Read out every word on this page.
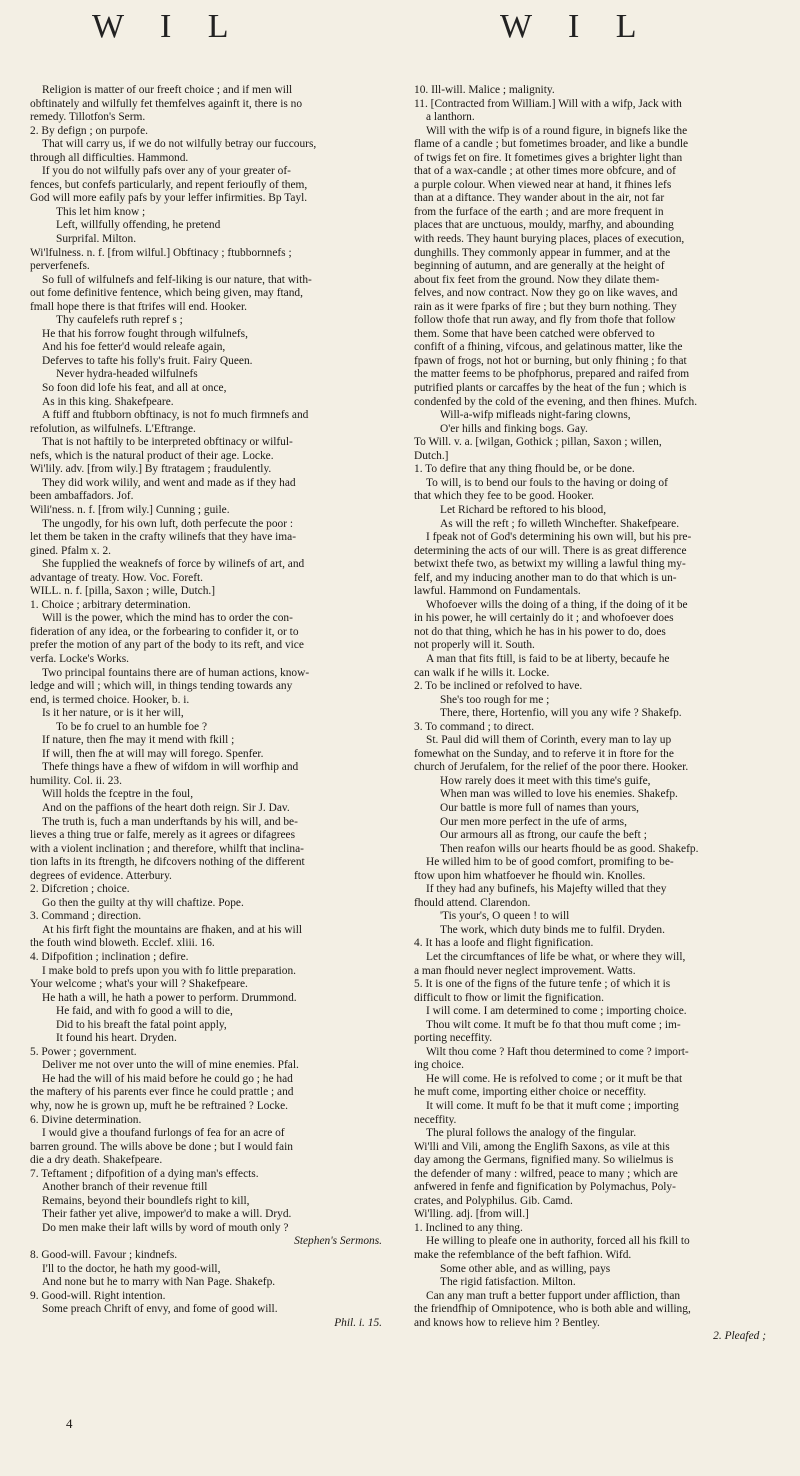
W I L	W I L
Religion is matter of our freeft choice ; and if men will
obftinately and wilfully fet themfelves againft it, there is no
remedy. Tillotfon's Serm.
2. By defign ; on purpofe.
That will carry us, if we do not wilfully betray our fuccours,
through all difficulties. Hammond.
If you do not wilfully pafs over any of your greater of-
fences, but confefs particularly, and repent ferioufly of them,
God will more eafily pafs by your leffer infirmities. Bp Tayl.
This let him know ;
Left, willfully offending, he pretend
Surprifal. Milton.
Wi'lfulness. n. f. [from wilful.] Obftinacy ; ftubbornnefs ;
perverfenefs.
So full of wilfulnefs and felf-liking is our nature, that with-
out fome definitive fentence, which being given, may ftand,
fmall hope there is that ftrifes will end. Hooker.
Thy caufelefs ruth repref s ;
He that his forrow fought through wilfulnefs,
And his foe fetter'd would releafe again,
Deferves to tafte his folly's fruit. Fairy Queen.
Never hydra-headed wilfulnefs
So foon did lofe his feat, and all at once,
As in this king. Shakefpeare.
A ftiff and ftubborn obftinacy, is not fo much firmnefs and
refolution, as wilfulnefs. L'Eftrange.
That is not haftily to be interpreted obftinacy or wilful-
nefs, which is the natural product of their age. Locke.
Wi'lily. adv. [from wily.] By ftratagem ; fraudulently.
They did work wilily, and went and made as if they had
been ambaffadors. Jof.
Wili'ness. n. f. [from wily.] Cunning ; guile.
The ungodly, for his own luft, doth perfecute the poor :
let them be taken in the crafty wilinefs that they have ima-
gined. Pfalm x. 2.
She fupplied the weaknefs of force by wilinefs of art, and
advantage of treaty. How. Voc. Foreft.
WILL. n. f. [pilla, Saxon ; wille, Dutch.]
1. Choice ; arbitrary determination.
Will is the power, which the mind has to order the con-
fideration of any idea, or the forbearing to confider it, or to
prefer the motion of any part of the body to its reft, and vice
verfa. Locke's Works.
Two principal fountains there are of human actions, know-
ledge and will ; which will, in things tending towards any
end, is termed choice. Hooker, b. i.
Is it her nature, or is it her will,
To be fo cruel to an humble foe ?
If nature, then fhe may it mend with fkill ;
If will, then fhe at will may will forego. Spenfer.
Thefe things have a fhew of wifdom in will worfhip and
humility. Col. ii. 23.
Will holds the fceptre in the foul,
And on the paffions of the heart doth reign. Sir J. Dav.
The truth is, fuch a man underftands by his will, and be-
lieves a thing true or falfe, merely as it agrees or difagrees
with a violent inclination ; and therefore, whilft that inclina-
tion lafts in its ftrength, he difcovers nothing of the different
degrees of evidence. Atterbury.
2. Difcretion ; choice.
Go then the guilty at thy will chaftize. Pope.
3. Command ; direction.
At his firft fight the mountains are fhaken, and at his will
the fouth wind bloweth. Ecclef. xliii. 16.
4. Difpofition ; inclination ; defire.
I make bold to prefs upon you with fo little preparation.
Your welcome ; what's your will ? Shakefpeare.
He hath a will, he hath a power to perform. Drummond.
He faid, and with fo good a will to die,
Did to his breaft the fatal point apply,
It found his heart. Dryden.
5. Power ; government.
Deliver me not over unto the will of mine enemies. Pfal.
He had the will of his maid before he could go ; he had
the maftery of his parents ever fince he could prattle ; and
why, now he is grown up, muft he be reftrained ? Locke.
6. Divine determination.
I would give a thoufand furlongs of fea for an acre of
barren ground. The wills above be done ; but I would fain
die a dry death. Shakefpeare.
7. Teftament ; difpofition of a dying man's effects.
Another branch of their revenue ftill
Remains, beyond their boundlefs right to kill,
Their father yet alive, impower'd to make a will. Dryd.
Do men make their laft wills by word of mouth only ?
Stephen's Sermons.
8. Good-will. Favour ; kindnefs.
I'll to the doctor, he hath my good-will,
And none but he to marry with Nan Page. Shakefp.
9. Good-will. Right intention.
Some preach Chrift of envy, and fome of good will.
Phil. i. 15.
10. Ill-will. Malice ; malignity.
11. [Contracted from William.] Will with a wifp, Jack with
a lanthorn.
Will with the wifp is of a round figure, in bignefs like the
flame of a candle ; but fometimes broader, and like a bundle
of twigs fet on fire. It fometimes gives a brighter light than
that of a wax-candle ; at other times more obfcure, and of
a purple colour. When viewed near at hand, it fhines lefs
than at a diftance. They wander about in the air, not far
from the furface of the earth ; and are more frequent in
places that are unctuous, mouldy, marfhy, and abounding
with reeds. They haunt burying places, places of execution,
dunghills. They commonly appear in fummer, and at the
beginning of autumn, and are generally at the height of
about fix feet from the ground. Now they dilate them-
felves, and now contract. Now they go on like waves, and
rain as it were fparks of fire ; but they burn nothing. They
follow thofe that run away, and fly from thofe that follow
them. Some that have been catched were obferved to
confift of a fhining, vifcous, and gelatinous matter, like the
fpawn of frogs, not hot or burning, but only fhining ; fo that
the matter feems to be phofphorus, prepared and raifed from
putrified plants or carcaffes by the heat of the fun ; which is
condenfed by the cold of the evening, and then fhines. Mufch.
Will-a-wifp mifleads night-faring clowns,
O'er hills and finking bogs. Gay.
To Will. v. a. [wilgan, Gothick ; pillan, Saxon ; willen,
Dutch.]
1. To defire that any thing fhould be, or be done.
To will, is to bend our fouls to the having or doing of
that which they fee to be good. Hooker.
Let Richard be reftored to his blood,
As will the reft ; fo willeth Winchefter. Shakefpeare.
I fpeak not of God's determining his own will, but his pre-
determining the acts of our will. There is as great difference
betwixt thefe two, as betwixt my willing a lawful thing my-
felf, and my inducing another man to do that which is un-
lawful. Hammond on Fundamentals.
Whofoever wills the doing of a thing, if the doing of it be
in his power, he will certainly do it ; and whofoever does
not do that thing, which he has in his power to do, does
not properly will it. South.
A man that fits ftill, is faid to be at liberty, becaufe he
can walk if he wills it. Locke.
2. To be inclined or refolved to have.
She's too rough for me ;
There, there, Hortenfio, will you any wife ? Shakefp.
3. To command ; to direct.
St. Paul did will them of Corinth, every man to lay up
fomewhat on the Sunday, and to referve it in ftore for the
church of Jerufalem, for the relief of the poor there. Hooker.
How rarely does it meet with this time's guife,
When man was willed to love his enemies. Shakefp.
Our battle is more full of names than yours,
Our men more perfect in the ufe of arms,
Our armours all as ftrong, our caufe the beft ;
Then reafon wills our hearts fhould be as good. Shakefp.
He willed him to be of good comfort, promifing to be-
ftow upon him whatfoever he fhould win. Knolles.
If they had any bufinefs, his Majefty willed that they
fhould attend. Clarendon.
'Tis your's, O queen ! to will
The work, which duty binds me to fulfil. Dryden.
4. It has a loofe and flight fignification.
Let the circumftances of life be what, or where they will,
a man fhould never neglect improvement. Watts.
5. It is one of the figns of the future tenfe ; of which it is
difficult to fhow or limit the fignification.
I will come. I am determined to come ; importing choice.
Thou wilt come. It muft be fo that thou muft come ; im-
porting neceffity.
Wilt thou come ? Haft thou determined to come ? import-
ing choice.
He will come. He is refolved to come ; or it muft be that
he muft come, importing either choice or neceffity.
It will come. It muft fo be that it muft come ; importing
neceffity.
The plural follows the analogy of the fingular.
Wi'lli and Vili, among the Englifh Saxons, as vile at this
day among the Germans, fignified many. So wilielmus is
the defender of many : wilfred, peace to many ; which are
anfwered in fenfe and fignification by Polymachus, Poly-
crates, and Polyphilus. Gib. Camd.
Wi'lling. adj. [from will.]
1. Inclined to any thing.
He willing to pleafe one in authority, forced all his fkill to
make the refemblance of the beft fafhion. Wifd.
Some other able, and as willing, pays
The rigid fatisfaction. Milton.
Can any man truft a better fupport under affliction, than
the friendfhip of Omnipotence, who is both able and willing,
and knows how to relieve him ? Bentley.
2. Pleafed ;
4
